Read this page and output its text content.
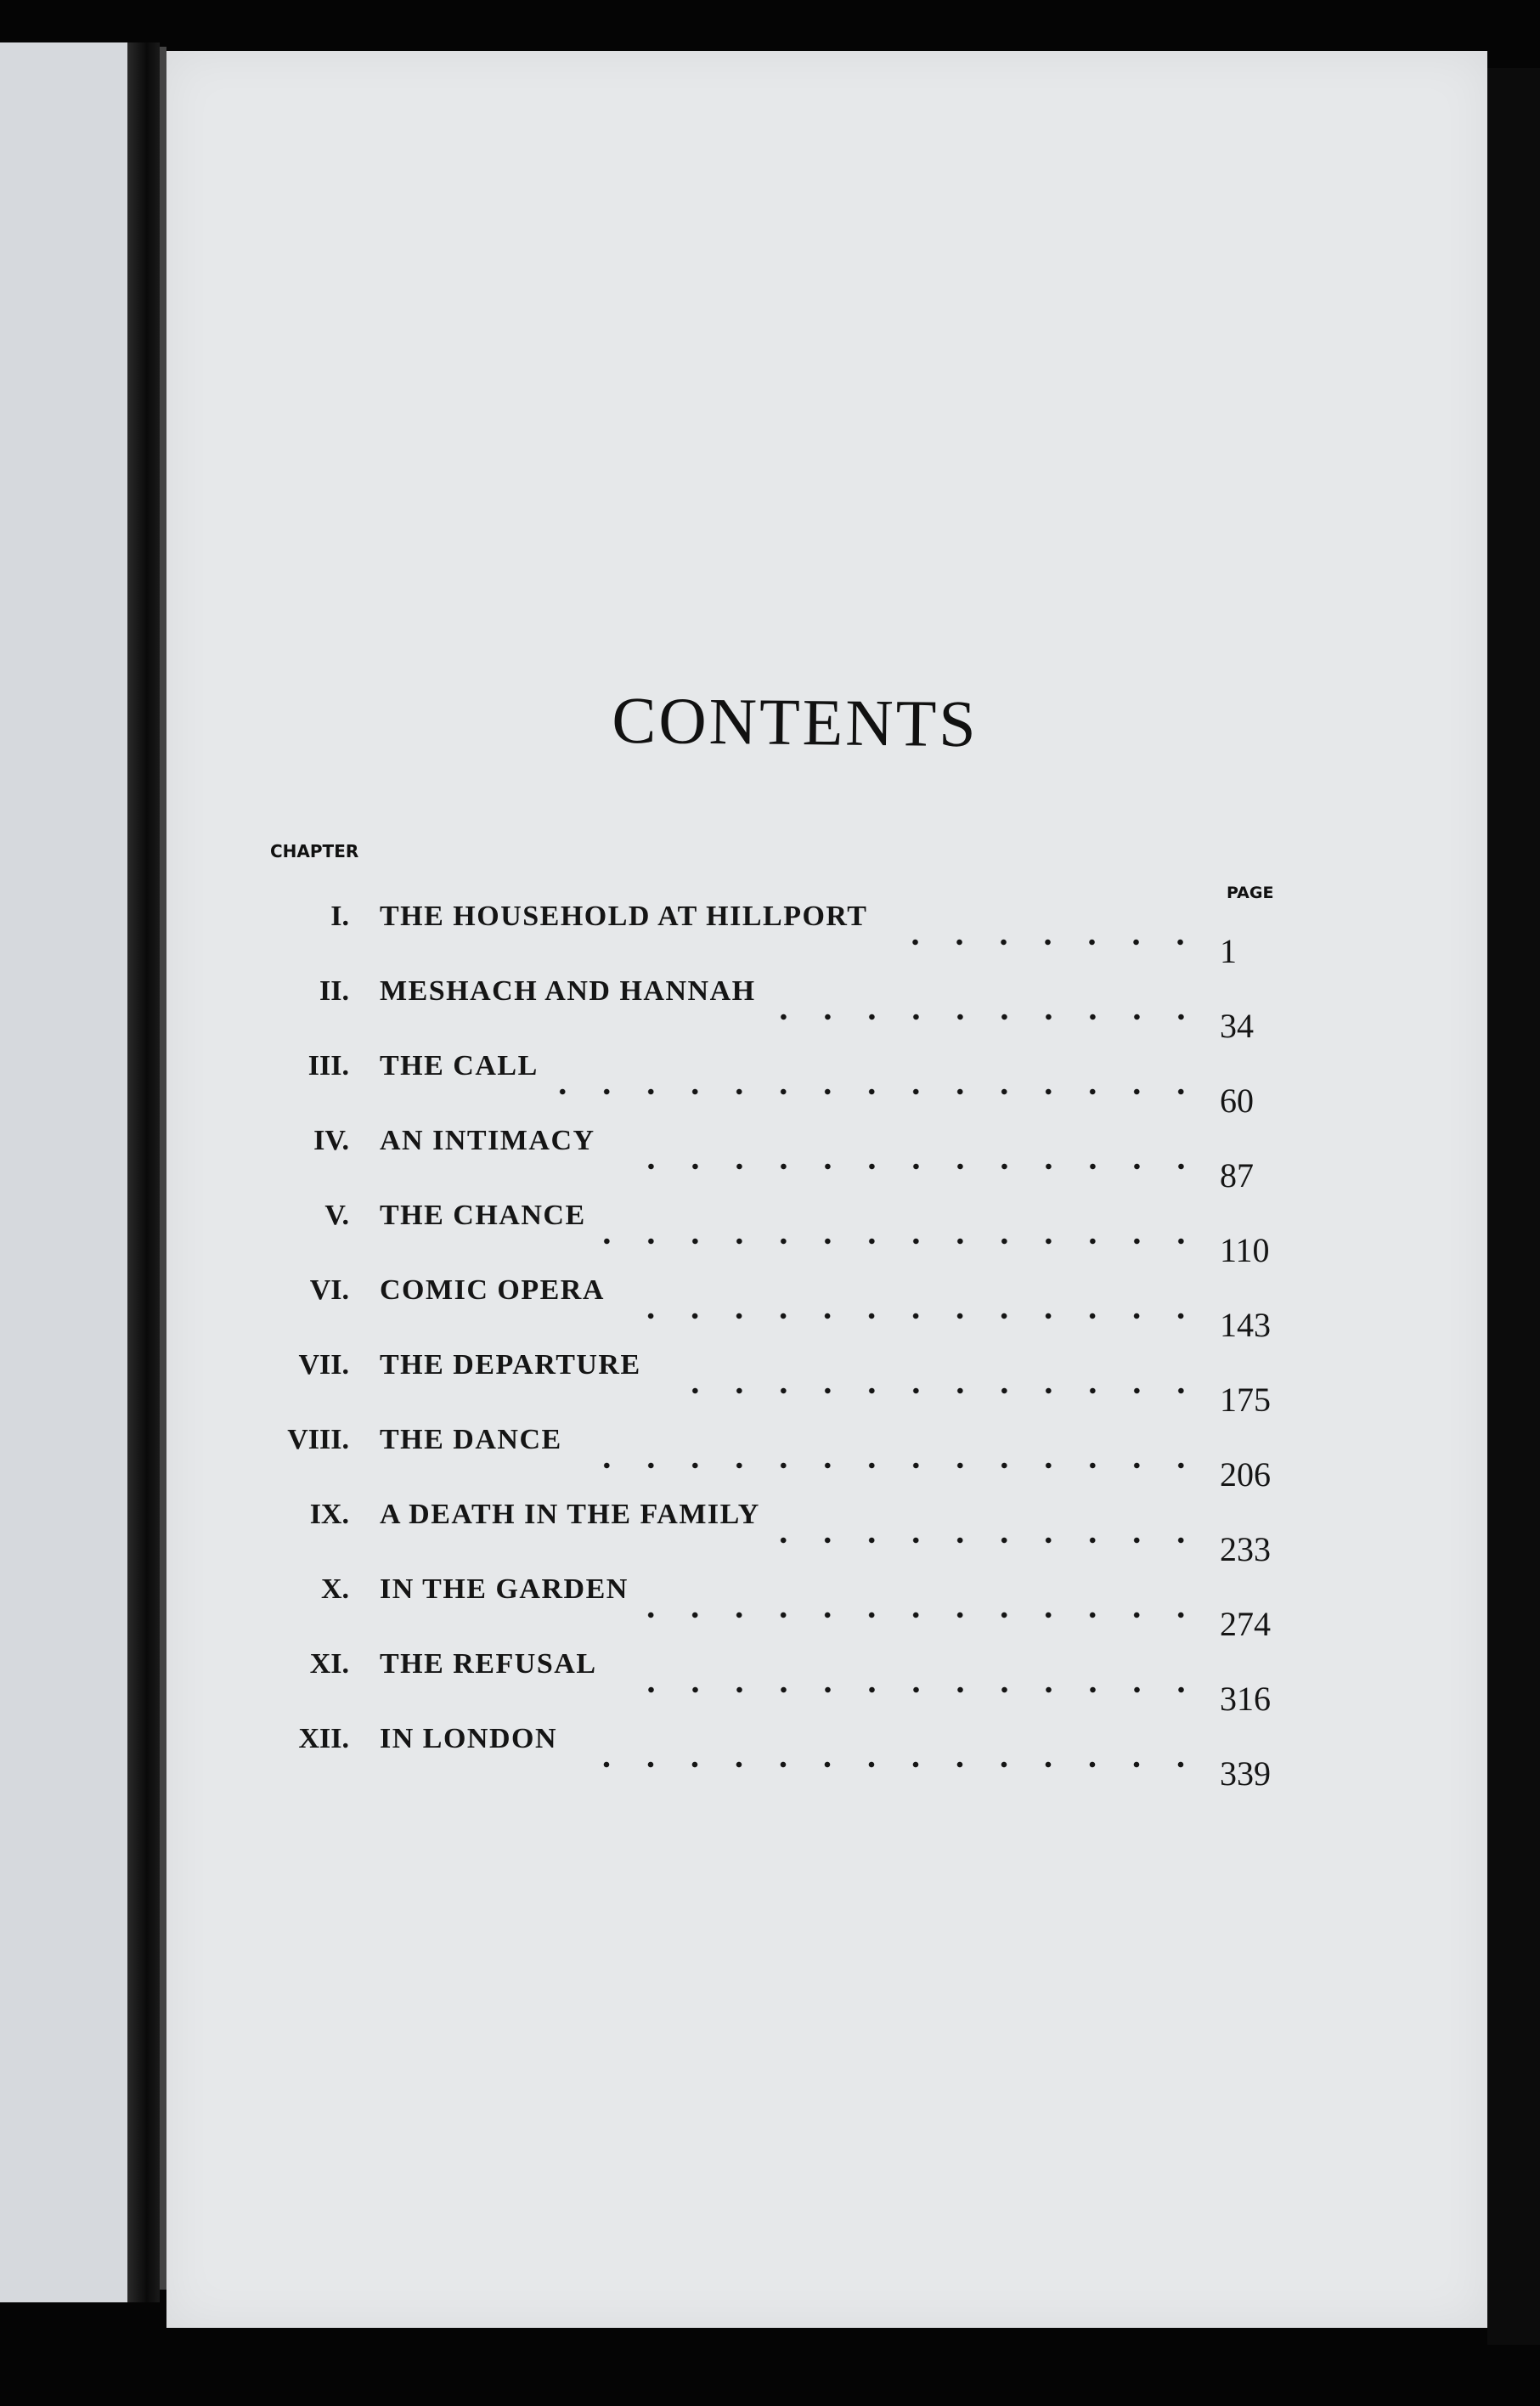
CONTENTS
CHAPTER
PAGE
I. THE HOUSEHOLD AT HILLPORT
1
II. MESHACH AND HANNAH
34
III. THE CALL
60
IV. AN INTIMACY
87
V. THE CHANCE
110
VI. COMIC OPERA
143
VII. THE DEPARTURE
175
VIII. THE DANCE
206
IX. A DEATH IN THE FAMILY
233
X. IN THE GARDEN
274
XI. THE REFUSAL
316
XII. IN LONDON
339
